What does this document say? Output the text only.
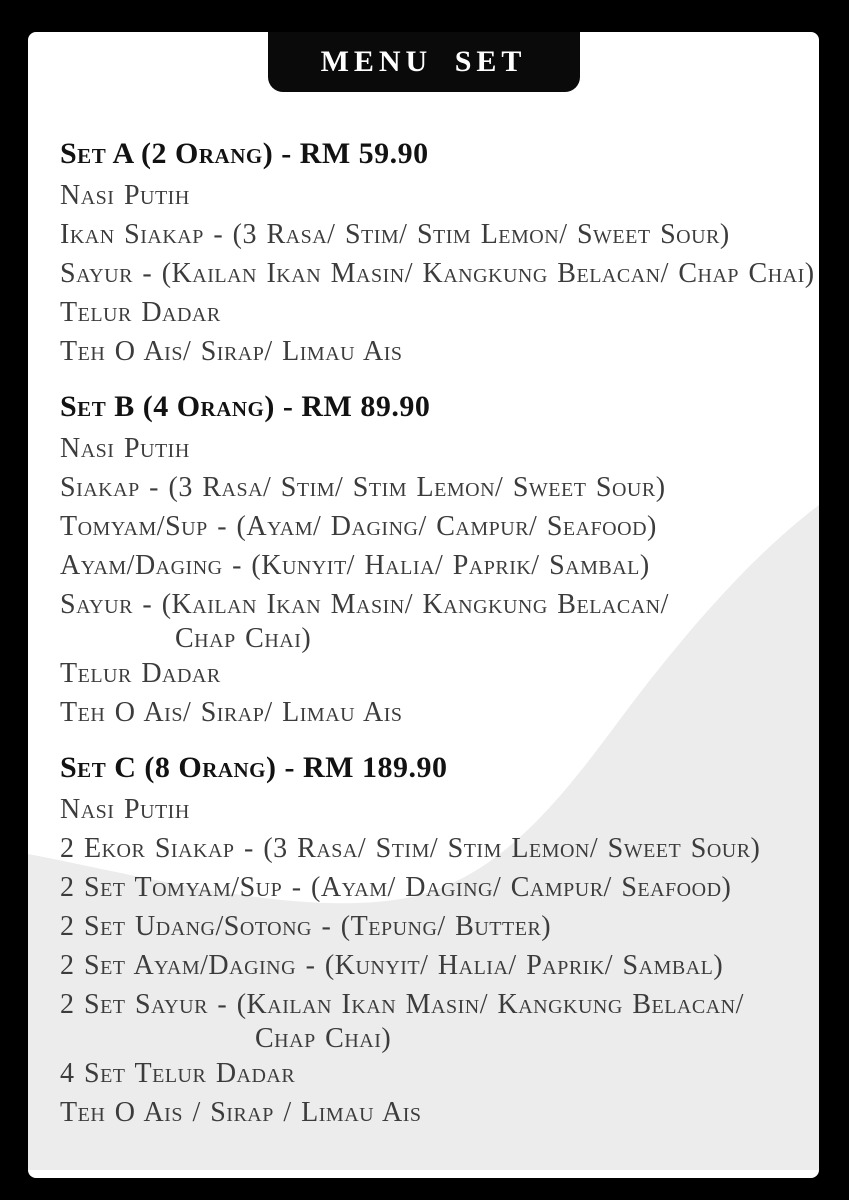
MENU SET
Set A (2 Orang) - RM 59.90
Nasi Putih
Ikan Siakap - (3 Rasa/ Stim/ Stim Lemon/ Sweet Sour)
Sayur - (Kailan Ikan Masin/ Kangkung Belacan/ Chap Chai)
Telur Dadar
Teh O Ais/ Sirap/ Limau Ais
Set B (4 Orang) - RM 89.90
Nasi Putih
Siakap - (3 Rasa/ Stim/ Stim Lemon/ Sweet Sour)
Tomyam/Sup - (Ayam/ Daging/ Campur/ Seafood)
Ayam/Daging - (Kunyit/ Halia/ Paprik/ Sambal)
Sayur - (Kailan Ikan Masin/ Kangkung Belacan/
Chap Chai)
Telur Dadar
Teh O Ais/ Sirap/ Limau Ais
Set C (8 Orang) - RM 189.90
Nasi Putih
2 Ekor Siakap - (3 Rasa/ Stim/ Stim Lemon/ Sweet Sour)
2 Set Tomyam/Sup - (Ayam/ Daging/ Campur/ Seafood)
2 Set Udang/Sotong - (Tepung/ Butter)
2 Set Ayam/Daging - (Kunyit/ Halia/ Paprik/ Sambal)
2 Set Sayur - (Kailan Ikan Masin/ Kangkung Belacan/
Chap Chai)
4 Set Telur Dadar
Teh O Ais / Sirap / Limau Ais
